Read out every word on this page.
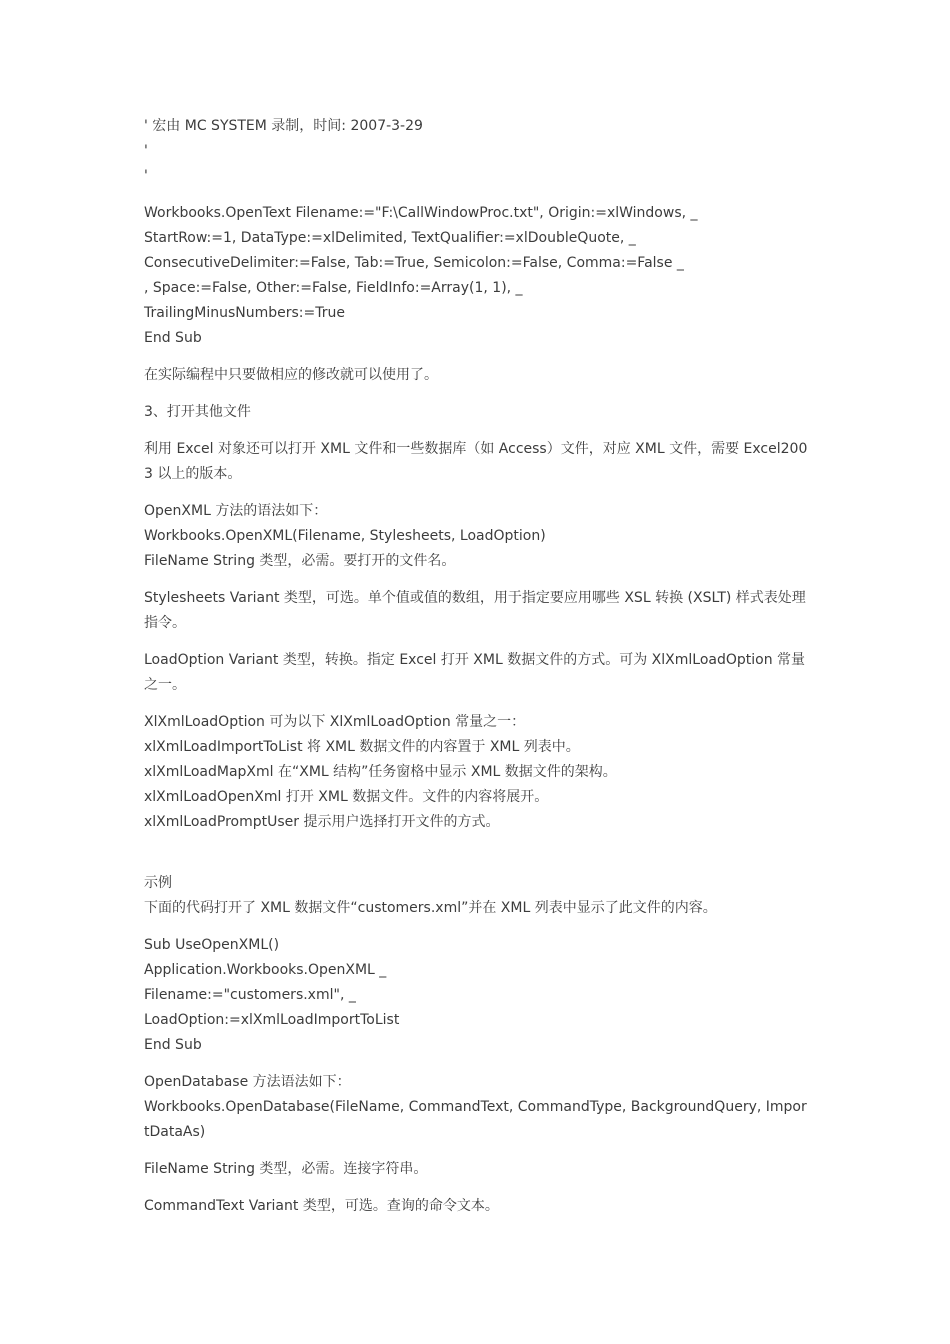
' 宏由 MC SYSTEM 录制，时间: 2007-3-29
'
'
Workbooks.OpenText Filename:="F:\CallWindowProc.txt", Origin:=xlWindows, _
StartRow:=1, DataType:=xlDelimited, TextQualifier:=xlDoubleQuote, _
ConsecutiveDelimiter:=False, Tab:=True, Semicolon:=False, Comma:=False _
, Space:=False, Other:=False, FieldInfo:=Array(1, 1), _
TrailingMinusNumbers:=True
End Sub
在实际编程中只要做相应的修改就可以使用了。
3、打开其他文件
利用 Excel 对象还可以打开 XML 文件和一些数据库（如 Access）文件，对应 XML 文件，需要 Excel2003 以上的版本。
OpenXML 方法的语法如下：
Workbooks.OpenXML(Filename, Stylesheets, LoadOption)
FileName String 类型，必需。要打开的文件名。
Stylesheets Variant 类型，可选。单个值或值的数组，用于指定要应用哪些 XSL 转换 (XSLT) 样式表处理指令。
LoadOption Variant 类型，转换。指定 Excel 打开 XML 数据文件的方式。可为 XlXmlLoadOption 常量之一。
XlXmlLoadOption 可为以下 XlXmlLoadOption 常量之一：
xlXmlLoadImportToList 将 XML 数据文件的内容置于 XML 列表中。
xlXmlLoadMapXml 在“XML 结构”任务窗格中显示 XML 数据文件的架构。
xlXmlLoadOpenXml 打开 XML 数据文件。文件的内容将展开。
xlXmlLoadPromptUser 提示用户选择打开文件的方式。
示例
下面的代码打开了 XML 数据文件“customers.xml”并在 XML 列表中显示了此文件的内容。
Sub UseOpenXML()
Application.Workbooks.OpenXML _
Filename:="customers.xml", _
LoadOption:=xlXmlLoadImportToList
End Sub
OpenDatabase 方法语法如下：
Workbooks.OpenDatabase(FileName, CommandText, CommandType, BackgroundQuery, ImportDataAs)
FileName String 类型，必需。连接字符串。
CommandText Variant 类型，可选。查询的命令文本。
